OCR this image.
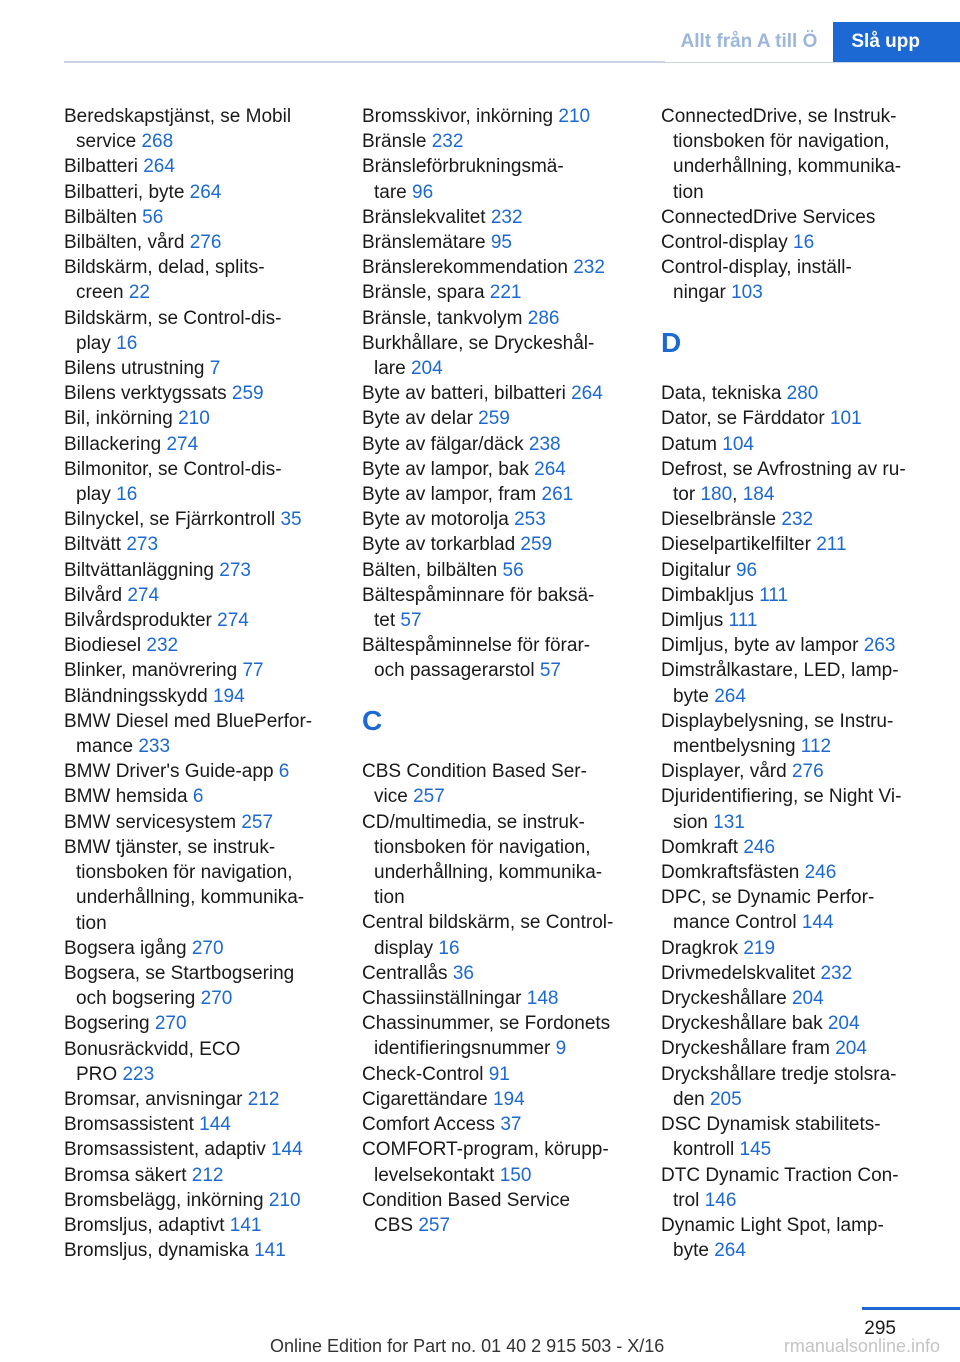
Allt från A till Ö	Slå upp

Beredskapstjänst, se Mobil
service 268

Bilbatteri 264

Bilbatteri, byte 264

Bilbälten 56

Bilbälten, vård 276

Bildskärm, delad, splits-
creen 22

Bildskärm, se Control-dis-
play 16

Bilens utrustning 7

Bilens verktygssats 259

Bil, inkörning 210

Billackering 274

Bilmonitor, se Control-dis-
play 16

Bilnyckel, se Fjärrkontroll 35

Biltvätt 273

Biltvättanläggning 273

Bilvård 274

Bilvårdsprodukter 274

Biodiesel 232

Blinker, manövrering 77

Bländningsskydd 194

BMW Diesel med BluePerfor-
mance 233

BMW Driver's Guide-app 6

BMW hemsida 6

BMW servicesystem 257

BMW tjänster, se instruk-
tionsboken för navigation,
underhållning, kommunika-
tion

Bogsera igång 270

Bogsera, se Startbogsering
och bogsering 270

Bogsering 270

Bonusräckvidd, ECO
PRO 223

Bromsar, anvisningar 212

Bromsassistent 144

Bromsassistent, adaptiv 144

Bromsa säkert 212

Bromsbelägg, inkörning 210

Bromsljus, adaptivt 141

Bromsljus, dynamiska 141

Bromsskivor, inkörning 210

Bränsle 232

Bränsleförbrukningsmä-
tare 96

Bränslekvalitet 232

Bränslemätare 95

Bränslerekommendation 232

Bränsle, spara 221

Bränsle, tankvolym 286

Burkhållare, se Dryckeshål-
lare 204

Byte av batteri, bilbatteri 264

Byte av delar 259

Byte av fälgar/däck 238

Byte av lampor, bak 264

Byte av lampor, fram 261

Byte av motorolja 253

Byte av torkarblad 259

Bälten, bilbälten 56

Bältespåminnare för baksä-
tet 57

Bältespåminnelse för förar-
och passagerarstol 57

C

CBS Condition Based Ser-
vice 257

CD/multimedia, se instruk-
tionsboken för navigation,
underhållning, kommunika-
tion

Central bildskärm, se Control-
display 16

Centrallås 36

Chassiinställningar 148

Chassinummer, se Fordonets
identifieringsnummer 9

Check-Control 91

Cigarettändare 194

Comfort Access 37

COMFORT-program, körupp-
levelsekontakt 150

Condition Based Service
CBS 257

ConnectedDrive, se Instruk-
tionsboken för navigation,
underhållning, kommunika-
tion

ConnectedDrive Services

Control-display 16

Control-display, inställ-
ningar 103

D

Data, tekniska 280

Dator, se Färddator 101

Datum 104

Defrost, se Avfrostning av ru-
tor 180, 184

Dieselbränsle 232

Dieselpartikelfilter 211

Digitalur 96

Dimbakljus 111

Dimljus 111

Dimljus, byte av lampor 263

Dimstrålkastare, LED, lamp-
byte 264

Displaybelysning, se Instru-
mentbelysning 112

Displayer, vård 276

Djuridentifiering, se Night Vi-
sion 131

Domkraft 246

Domkraftsfästen 246

DPC, se Dynamic Perfor-
mance Control 144

Dragkrok 219

Drivmedelskvalitet 232

Dryckeshållare 204

Dryckeshållare bak 204

Dryckeshållare fram 204

Dryckshållare tredje stolsra-
den 205

DSC Dynamisk stabilitets-
kontroll 145

DTC Dynamic Traction Con-
trol 146

Dynamic Light Spot, lamp-
byte 264

295
Online Edition for Part no. 01 40 2 915 503 - X/16	rmanualsonline.info
